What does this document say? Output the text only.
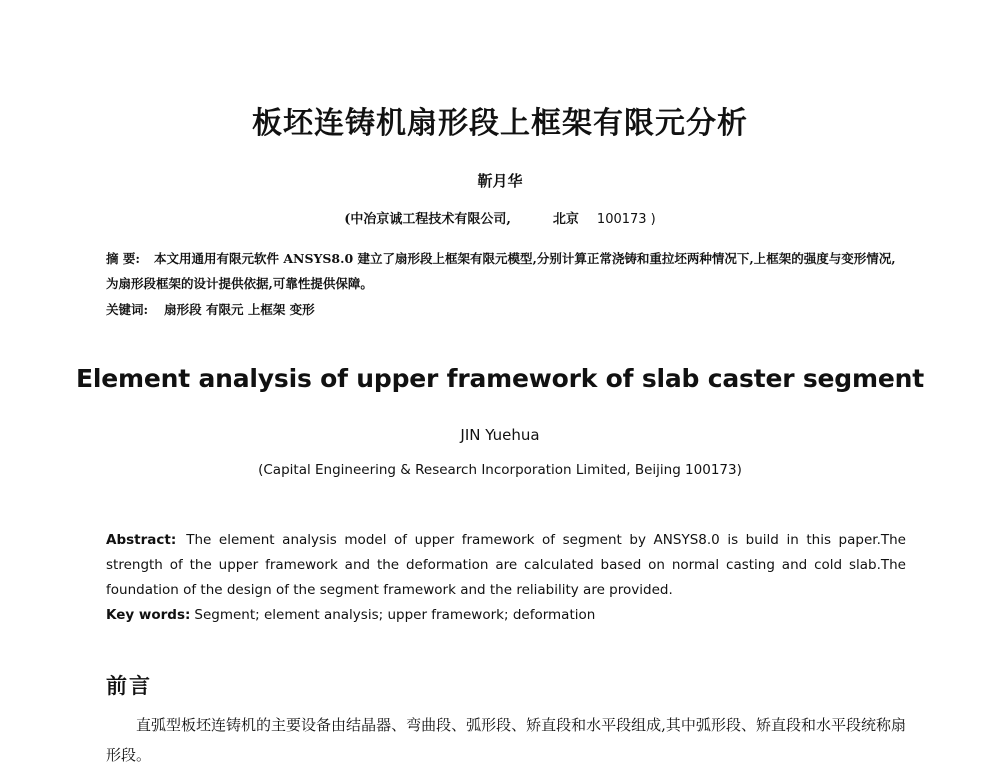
板坯连铸机扇形段上框架有限元分析
靳月华
(中冶京诚工程技术有限公司,	北京 100173 )
摘 要: 本文用通用有限元软件 ANSYS8.0 建立了扇形段上框架有限元模型,分别计算正常浇铸和重拉坯两种情况下,上框架的强度与变形情况,为扇形段框架的设计提供依据,可靠性提供保障。
关键词: 扇形段 有限元 上框架 变形
Element analysis of upper framework of slab caster segment
JIN Yuehua
(Capital Engineering & Research Incorporation Limited, Beijing 100173)
Abstract: The element analysis model of upper framework of segment by ANSYS8.0 is build in this paper.The strength of the upper framework and the deformation are calculated based on normal casting and cold slab.The foundation of the design of the segment framework and the reliability are provided.
Key words: Segment; element analysis; upper framework; deformation
前言
直弧型板坯连铸机的主要设备由结晶器、弯曲段、弧形段、矫直段和水平段组成,其中弧形段、矫直段和水平段统称扇形段。
